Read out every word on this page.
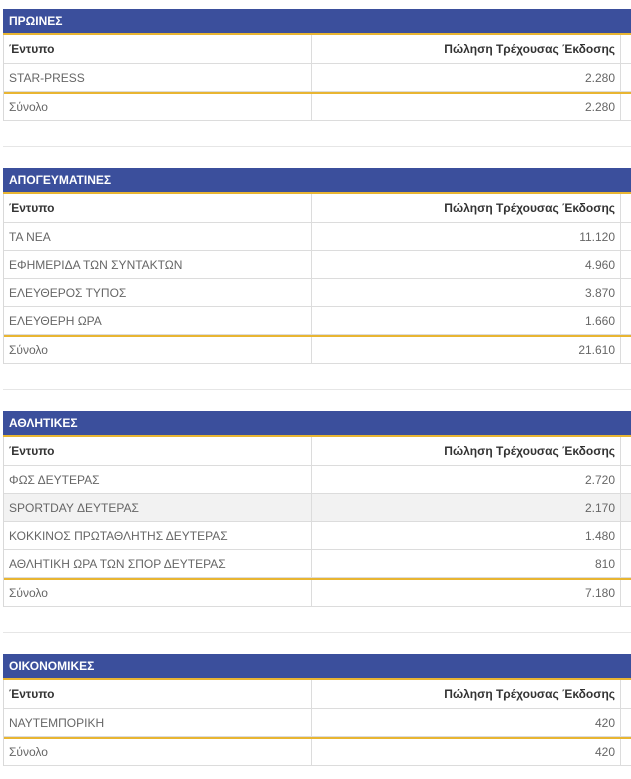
ΠΡΩΙΝΕΣ
Έντυπο	Πώληση Τρέχουσας Έκδοσης
STAR-PRESS	2.280
Σύνολο	2.280
ΑΠΟΓΕΥΜΑΤΙΝΕΣ
Έντυπο	Πώληση Τρέχουσας Έκδοσης
ΤΑ ΝΕΑ	11.120
ΕΦΗΜΕΡΙΔΑ ΤΩΝ ΣΥΝΤΑΚΤΩΝ	4.960
ΕΛΕΥΘΕΡΟΣ ΤΥΠΟΣ	3.870
ΕΛΕΥΘΕΡΗ ΩΡΑ	1.660
Σύνολο	21.610
ΑΘΛΗΤΙΚΕΣ
Έντυπο	Πώληση Τρέχουσας Έκδοσης
ΦΩΣ ΔΕΥΤΕΡΑΣ	2.720
SPORTDAY ΔΕΥΤΕΡΑΣ	2.170
ΚΟΚΚΙΝΟΣ ΠΡΩΤΑΘΛΗΤΗΣ ΔΕΥΤΕΡΑΣ	1.480
ΑΘΛΗΤΙΚΗ ΩΡΑ ΤΩΝ ΣΠΟΡ ΔΕΥΤΕΡΑΣ	810
Σύνολο	7.180
ΟΙΚΟΝΟΜΙΚΕΣ
Έντυπο	Πώληση Τρέχουσας Έκδοσης
ΝΑΥΤΕΜΠΟΡΙΚΗ	420
Σύνολο	420
